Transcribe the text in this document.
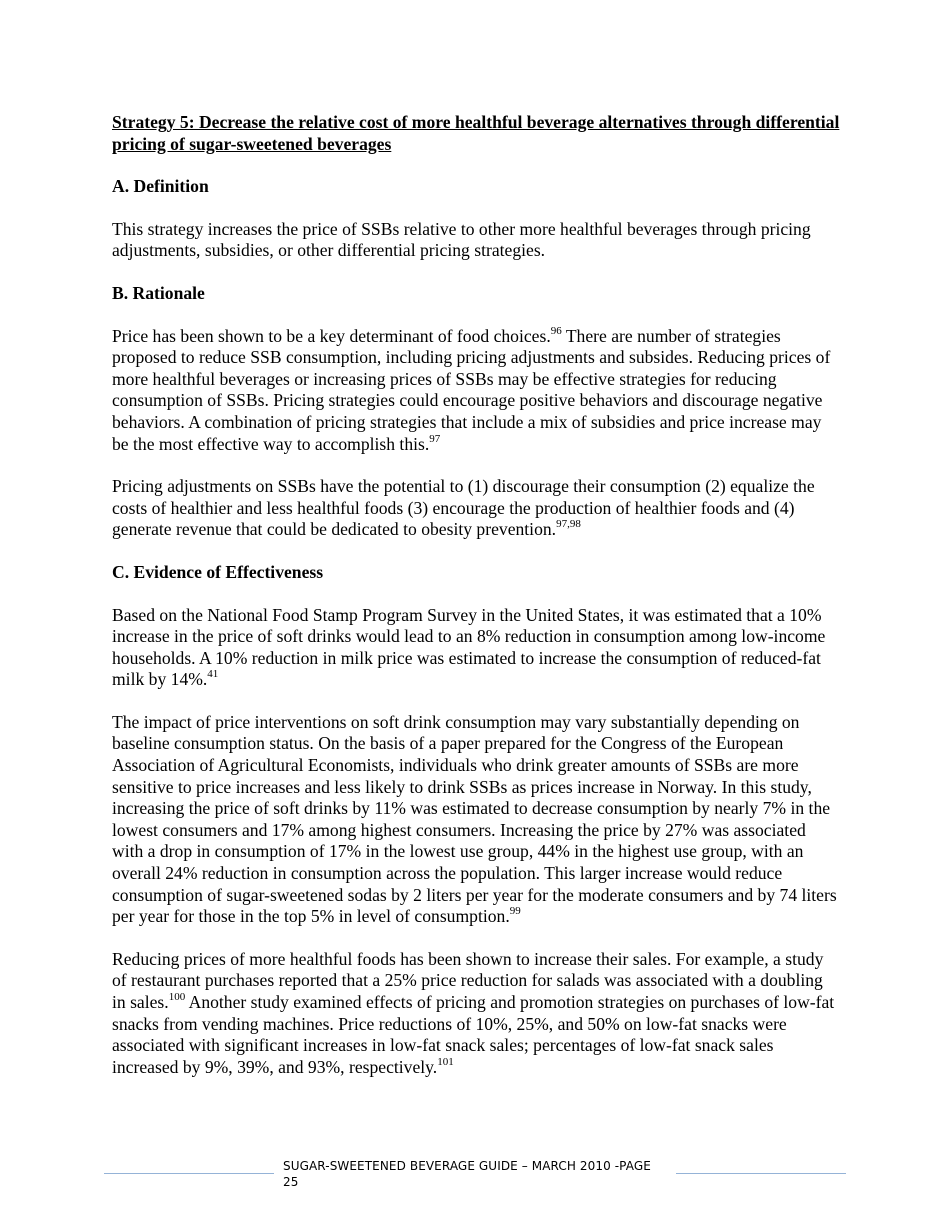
Strategy 5: Decrease the relative cost of more healthful beverage alternatives through differential pricing of sugar-sweetened beverages
A. Definition

This strategy increases the price of SSBs relative to other more healthful beverages through pricing adjustments, subsidies, or other differential pricing strategies.

B. Rationale

Price has been shown to be a key determinant of food choices.$^{96}$ There are number of strategies proposed to reduce SSB consumption, including pricing adjustments and subsides. Reducing prices of more healthful beverages or increasing prices of SSBs may be effective strategies for reducing consumption of SSBs. Pricing strategies could encourage positive behaviors and discourage negative behaviors. A combination of pricing strategies that include a mix of subsidies and price increase may be the most effective way to accomplish this.$^{97}$

Pricing adjustments on SSBs have the potential to (1) discourage their consumption (2) equalize the costs of healthier and less healthful foods (3) encourage the production of healthier foods and (4) generate revenue that could be dedicated to obesity prevention.$^{97,98}$

C. Evidence of Effectiveness

Based on the National Food Stamp Program Survey in the United States, it was estimated that a 10% increase in the price of soft drinks would lead to an 8% reduction in consumption among low-income households. A 10% reduction in milk price was estimated to increase the consumption of reduced-fat milk by 14%.$^{41}$

The impact of price interventions on soft drink consumption may vary substantially depending on baseline consumption status. On the basis of a paper prepared for the Congress of the European Association of Agricultural Economists, individuals who drink greater amounts of SSBs are more sensitive to price increases and less likely to drink SSBs as prices increase in Norway. In this study, increasing the price of soft drinks by 11% was estimated to decrease consumption by nearly 7% in the lowest consumers and 17% among highest consumers. Increasing the price by 27% was associated with a drop in consumption of 17% in the lowest use group, 44% in the highest use group, with an overall 24% reduction in consumption across the population. This larger increase would reduce consumption of sugar-sweetened sodas by 2 liters per year for the moderate consumers and by 74 liters per year for those in the top 5% in level of consumption.$^{99}$

Reducing prices of more healthful foods has been shown to increase their sales. For example, a study of restaurant purchases reported that a 25% price reduction for salads was associated with a doubling in sales.$^{100}$ Another study examined effects of pricing and promotion strategies on purchases of low-fat snacks from vending machines. Price reductions of 10%, 25%, and 50% on low-fat snacks were associated with significant increases in low-fat snack sales; percentages of low-fat snack sales increased by 9%, 39%, and 93%, respectively.$^{101}$

SUGAR-SWEETENED BEVERAGE GUIDE – MARCH 2010 -PAGE 25
